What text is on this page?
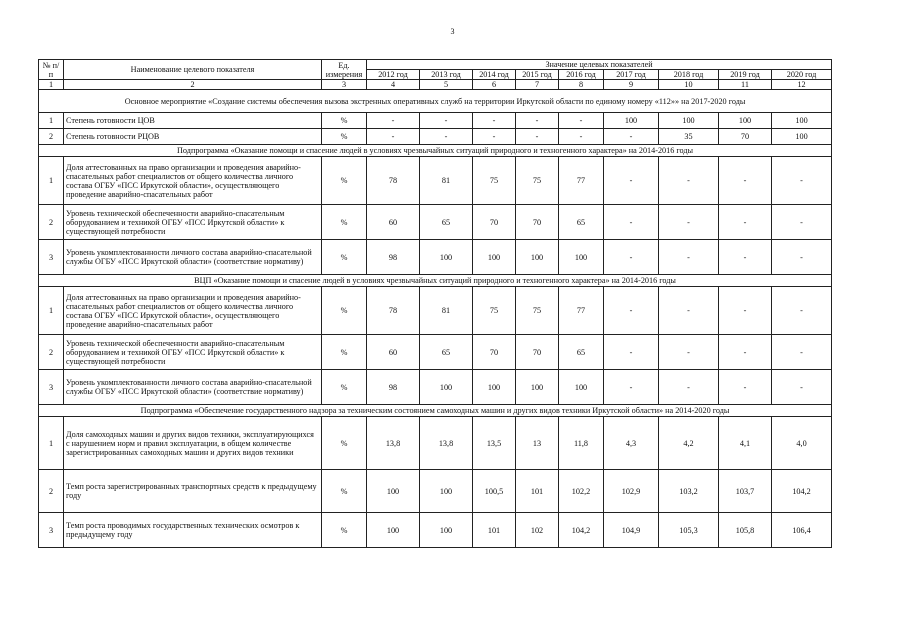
3
№ п/п	Наименование целевого показателя	Ед. измерения	Значение целевых показателей								
			2012 год	2013 год	2014 год	2015 год	2016 год	2017 год	2018 год	2019 год	2020 год
1	2	3	4	5	6	7	8	9	10	11	12
Основное мероприятие «Создание системы обеспечения вызова экстренных оперативных служб на территории Иркутской области по единому номеру «112»» на 2017-2020 годы											
1	Степень готовности ЦОВ	%	-	-	-	-	-	100	100	100	100
2	Степень готовности РЦОВ	%	-	-	-	-	-	-	35	70	100
Подпрограмма «Оказание помощи и спасение людей в условиях чрезвычайных ситуаций природного и техногенного характера» на 2014-2016 годы											
1	Доля аттестованных на право организации и проведения аварийно-спасательных работ специалистов от общего количества личного состава ОГБУ «ПСС Иркутской области», осуществляющего проведение аварийно-спасательных работ	%	78	81	75	75	77	-	-	-	-
2	Уровень технической обеспеченности аварийно-спасательным оборудованием и техникой ОГБУ «ПСС Иркутской области» к существующей потребности	%	60	65	70	70	65	-	-	-	-
3	Уровень укомплектованности личного состава аварийно-спасательной службы ОГБУ «ПСС Иркутской области» (соответствие нормативу)	%	98	100	100	100	100	-	-	-	-
ВЦП «Оказание помощи и спасение людей в условиях чрезвычайных ситуаций природного и техногенного характера» на 2014-2016 годы											
1	Доля аттестованных на право организации и проведения аварийно-спасательных работ специалистов от общего количества личного состава ОГБУ «ПСС Иркутской области», осуществляющего проведение аварийно-спасательных работ	%	78	81	75	75	77	-	-	-	-
2	Уровень технической обеспеченности аварийно-спасательным оборудованием и техникой ОГБУ «ПСС Иркутской области» к существующей потребности	%	60	65	70	70	65	-	-	-	-
3	Уровень укомплектованности личного состава аварийно-спасательной службы ОГБУ «ПСС Иркутской области» (соответствие нормативу)	%	98	100	100	100	100	-	-	-	-
Подпрограмма «Обеспечение государственного надзора за техническим состоянием самоходных машин и других видов техники Иркутской области» на 2014-2020 годы											
1	Доля самоходных машин и других видов техники, эксплуатирующихся с нарушением норм и правил эксплуатации, в общем количестве зарегистрированных самоходных машин и других видов техники	%	13,8	13,8	13,5	13	11,8	4,3	4,2	4,1	4,0
2	Темп роста зарегистрированных транспортных средств к предыдущему году	%	100	100	100,5	101	102,2	102,9	103,2	103,7	104,2
3	Темп роста проводимых государственных технических осмотров к предыдущему году	%	100	100	101	102	104,2	104,9	105,3	105,8	106,4
